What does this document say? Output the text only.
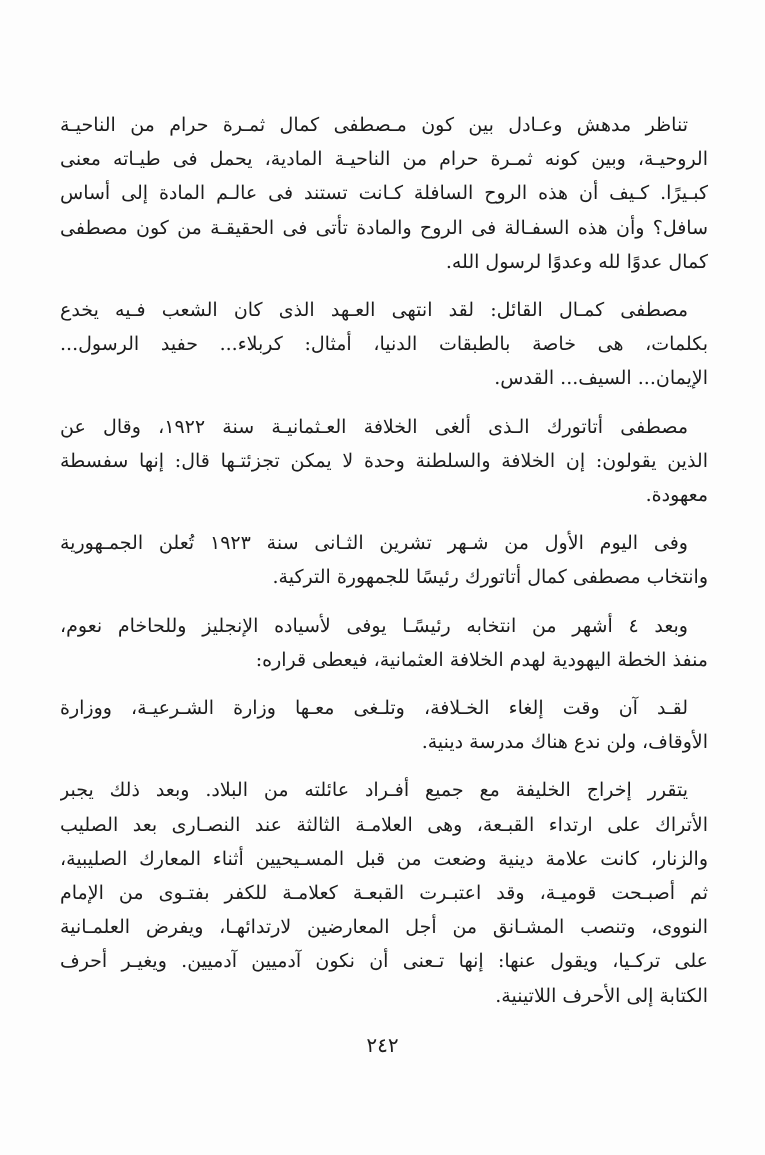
تناظر مدهش وعـادل بين كون مـصطفى كمال ثمـرة حرام من الناحيـة
الروحيـة، وبين كونه ثمـرة حرام من الناحيـة المادية، يحمل فى طيـاته معنى
كبـيرًا. كـيف أن هذه الروح السافلة كـانت تستند فى عالـم المادة إلى أساس
سافل؟ وأن هذه السفـالة فى الروح والمادة تأتى فى الحقيقـة من كون مصطفى
كمال عدوًا لله وعدوًا لرسول الله.

مصطفى كمـال القائل: لقد انتهى العـهد الذى كان الشعب فـيه يخدع
بكلمات، هى خاصة بالطبقات الدنيا، أمثال: كربلاء... حفيد الرسول...
الإيمان... السيف... القدس.

مصطفى أتاتورك الـذى ألغى الخلافة العـثمانيـة سنة ١٩٢٢، وقال عن
الذين يقولون: إن الخلافة والسلطنة وحدة لا يمكن تجزئتـها قال: إنها سفسطة
معهودة.

وفى اليوم الأول من شـهر تشرين الثـانى سنة ١٩٢٣ تُعلن الجمـهورية
وانتخاب مصطفى كمال أتاتورك رئيسًا للجمهورة التركية.

وبعد ٤ أشهر من انتخابه رئيسًـا يوفى لأسياده الإنجليز وللحاخام نعوم،
منفذ الخطة اليهودية لهدم الخلافة العثمانية، فيعطى قراره:

لقـد آن وقت إلغاء الخـلافة، وتلـغى معـها وزارة الشـرعيـة، ووزارة
الأوقاف، ولن ندع هناك مدرسة دينية.

يتقرر إخراج الخليفة مع جميع أفـراد عائلته من البلاد. وبعد ذلك يجبر
الأتراك على ارتداء القبـعة، وهى العلامـة الثالثة عند النصـارى بعد الصليب
والزنار، كانت علامة دينية وضعت من قبل المسـيحيين أثناء المعارك الصليبية،
ثم أصبـحت قوميـة، وقد اعتبـرت القبعـة كعلامـة للكفر بفتـوى من الإمام
النووى، وتنصب المشـانق من أجل المعارضين لارتدائهـا، ويفرض العلمـانية
على تركـيا، ويقول عنها: إنها تـعنى أن نكون آدميين آدميين. ويغيـر أحرف
الكتابة إلى الأحرف اللاتينية.

٢٤٢
